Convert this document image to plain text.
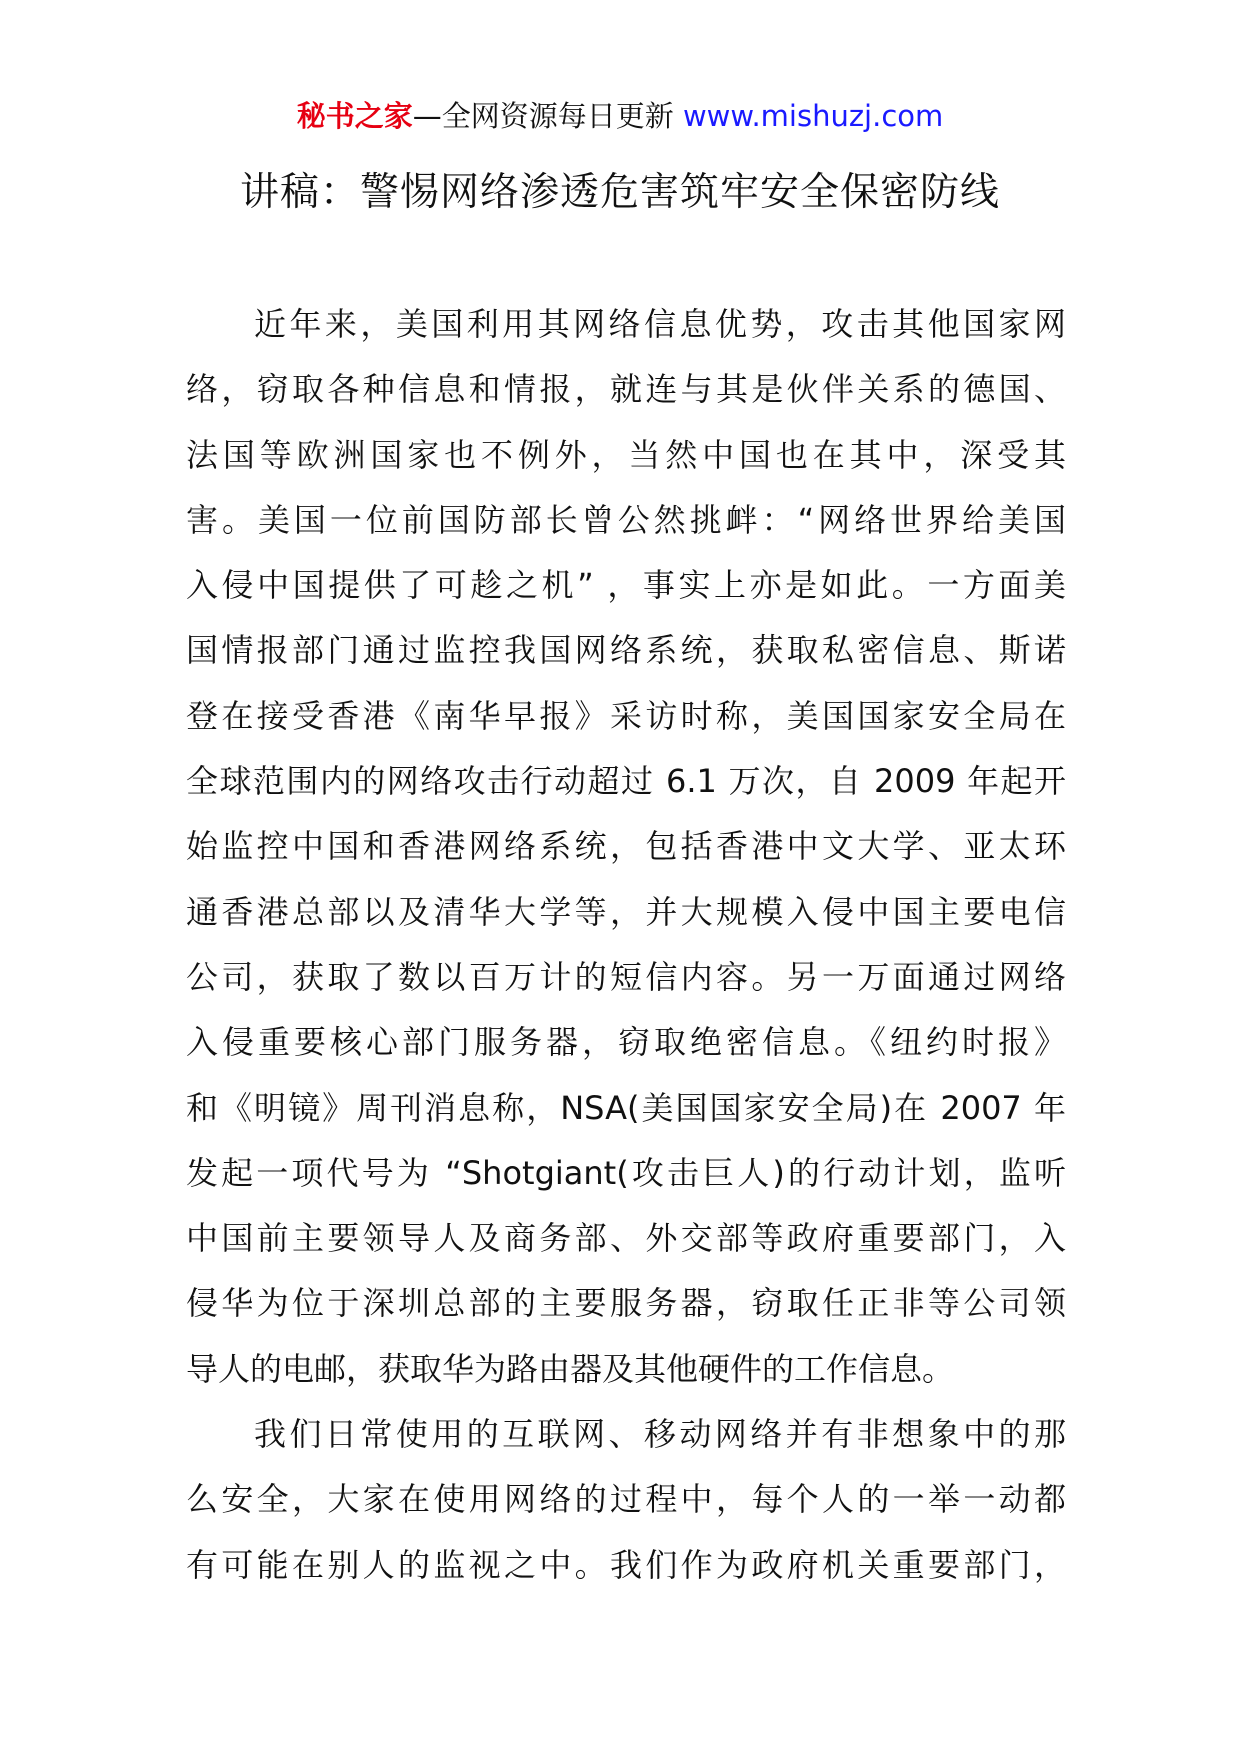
秘书之家—全网资源每日更新 www.mishuzj.com
讲稿：警惕网络渗透危害筑牢安全保密防线

近年来，美国利用其网络信息优势，攻击其他国家网
络，窃取各种信息和情报，就连与其是伙伴关系的德国、
法国等欧洲国家也不例外，当然中国也在其中，深受其
害。美国一位前国防部长曾公然挑衅：“网络世界给美国
入侵中国提供了可趁之机” ，事实上亦是如此。一方面美
国情报部门通过监控我国网络系统，获取私密信息、斯诺
登在接受香港《南华早报》采访时称，美国国家安全局在
全球范围内的网络攻击行动超过 6.1 万次，自 2009 年起开
始监控中国和香港网络系统，包括香港中文大学、亚太环
通香港总部以及清华大学等，并大规模入侵中国主要电信
公司，获取了数以百万计的短信内容。另一万面通过网络
入侵重要核心部门服务器，窃取绝密信息。《纽约时报》
和《明镜》周刊消息称，NSA(美国国家安全局)在 2007 年
发起一项代号为 “Shotgiant(攻击巨人)的行动计划，监听
中国前主要领导人及商务部、外交部等政府重要部门，入
侵华为位于深圳总部的主要服务器，窃取任正非等公司领
导人的电邮，获取华为路由器及其他硬件的工作信息。

我们日常使用的互联网、移动网络并有非想象中的那
么安全，大家在使用网络的过程中，每个人的一举一动都
有可能在别人的监视之中。我们作为政府机关重要部门，
